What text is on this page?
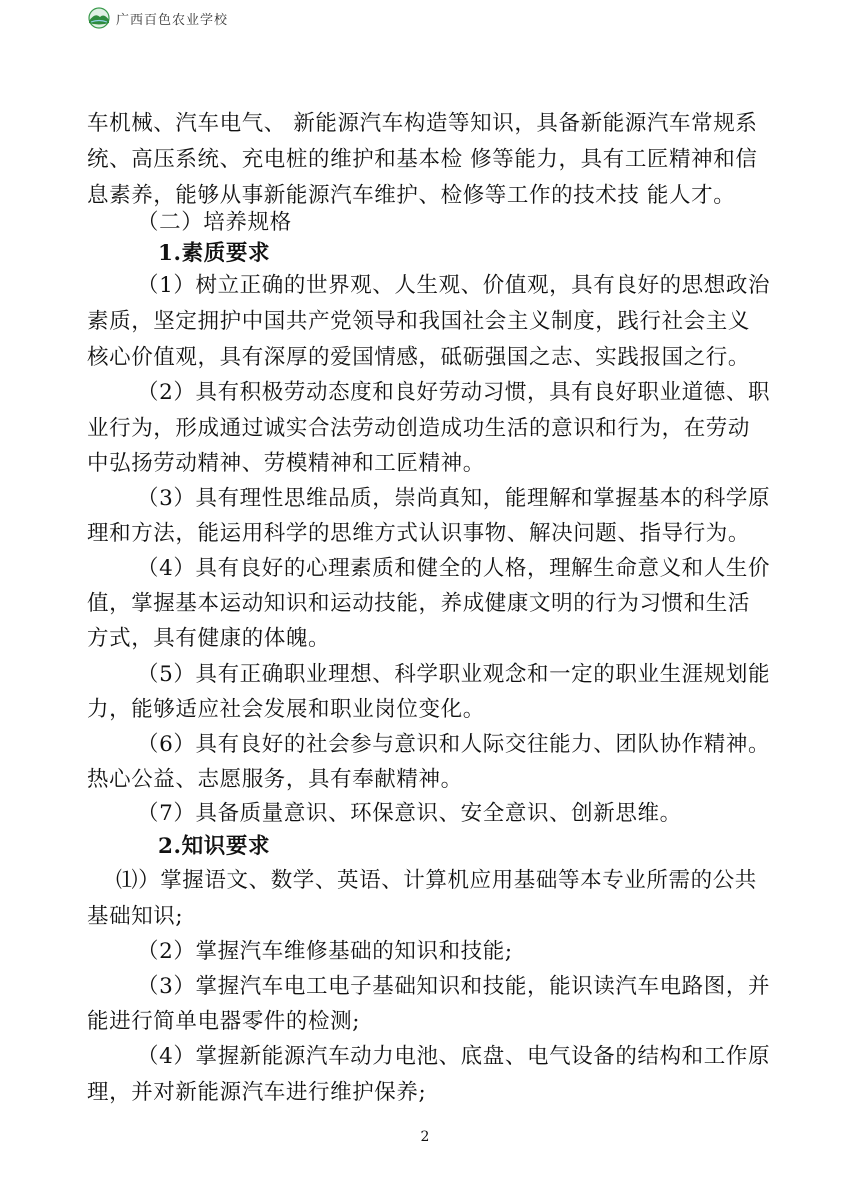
广西百色农业学校
车机械、汽车电气、 新能源汽车构造等知识，具备新能源汽车常规系
统、高压系统、充电桩的维护和基本检 修等能力，具有工匠精神和信
息素养，能够从事新能源汽车维护、检修等工作的技术技 能人才。
（二）培养规格
1.素质要求
（1）树立正确的世界观、人生观、价值观，具有良好的思想政治
素质，坚定拥护中国共产党领导和我国社会主义制度，践行社会主义
核心价值观，具有深厚的爱国情感，砥砺强国之志、实践报国之行。
（2）具有积极劳动态度和良好劳动习惯，具有良好职业道德、职
业行为，形成通过诚实合法劳动创造成功生活的意识和行为，在劳动
中弘扬劳动精神、劳模精神和工匠精神。
（3）具有理性思维品质，崇尚真知，能理解和掌握基本的科学原
理和方法，能运用科学的思维方式认识事物、解决问题、指导行为。
（4）具有良好的心理素质和健全的人格，理解生命意义和人生价
值，掌握基本运动知识和运动技能，养成健康文明的行为习惯和生活
方式，具有健康的体魄。
（5）具有正确职业理想、科学职业观念和一定的职业生涯规划能
力，能够适应社会发展和职业岗位变化。
（6）具有良好的社会参与意识和人际交往能力、团队协作精神。
热心公益、志愿服务，具有奉献精神。
（7）具备质量意识、环保意识、安全意识、创新思维。
2.知识要求
⑴）掌握语文、数学、英语、计算机应用基础等本专业所需的公共
基础知识;
（2）掌握汽车维修基础的知识和技能;
（3）掌握汽车电工电子基础知识和技能，能识读汽车电路图，并
能进行简单电器零件的检测;
（4）掌握新能源汽车动力电池、底盘、电气设备的结构和工作原
理，并对新能源汽车进行维护保养;
2
